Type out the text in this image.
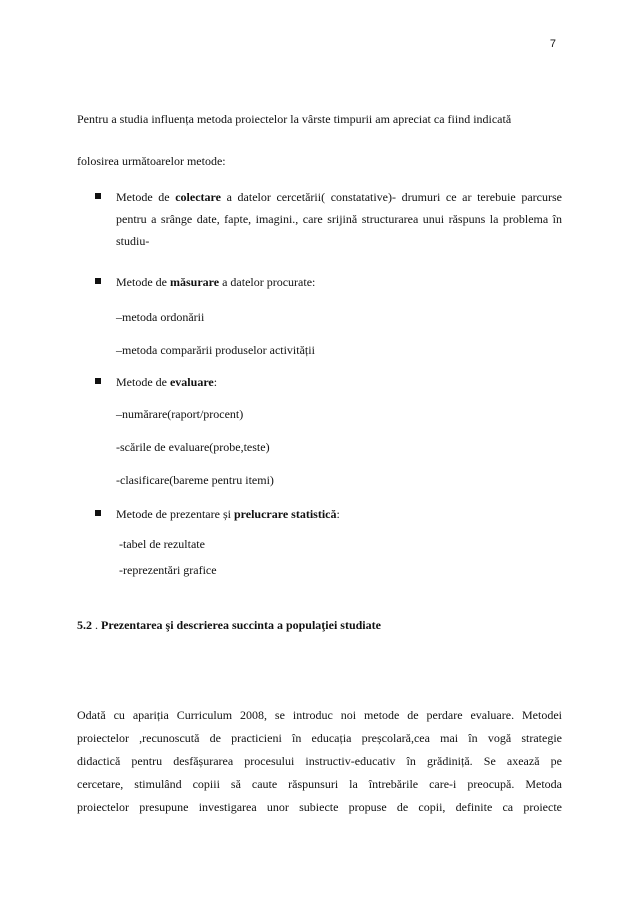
7

Pentru a studia influența metoda proiectelor la vârste timpurii am apreciat ca fiind indicată

folosirea următoarelor metode:

Metode de colectare a datelor cercetării( constatative)- drumuri ce ar terebuie parcurse pentru a srânge date, fapte, imagini., care srijină structurarea unui răspuns la problema în studiu-

Metode de măsurare a datelor procurate:

–metoda ordonării

–metoda comparării produselor activității

Metode de evaluare:

–numărare(raport/procent)

-scările de evaluare(probe,teste)

-clasificare(bareme pentru itemi)

Metode de prezentare și prelucrare statistică:

-tabel de rezultate

-reprezentări grafice

5.2 . Prezentarea şi descrierea succinta a populaţiei studiate

Odată cu apariția Curriculum 2008, se introduc noi metode de perdare evaluare. Metodei

proiectelor ,recunoscută de practicieni în educația preșcolară,cea mai în vogă strategie

didactică pentru desfășurarea procesului instructiv-educativ în grădiniță. Se axează pe

cercetare, stimulând copiii să caute răspunsuri la întrebările care-i preocupă. Metoda

proiectelor presupune investigarea unor subiecte propuse de copii, definite ca proiecte
